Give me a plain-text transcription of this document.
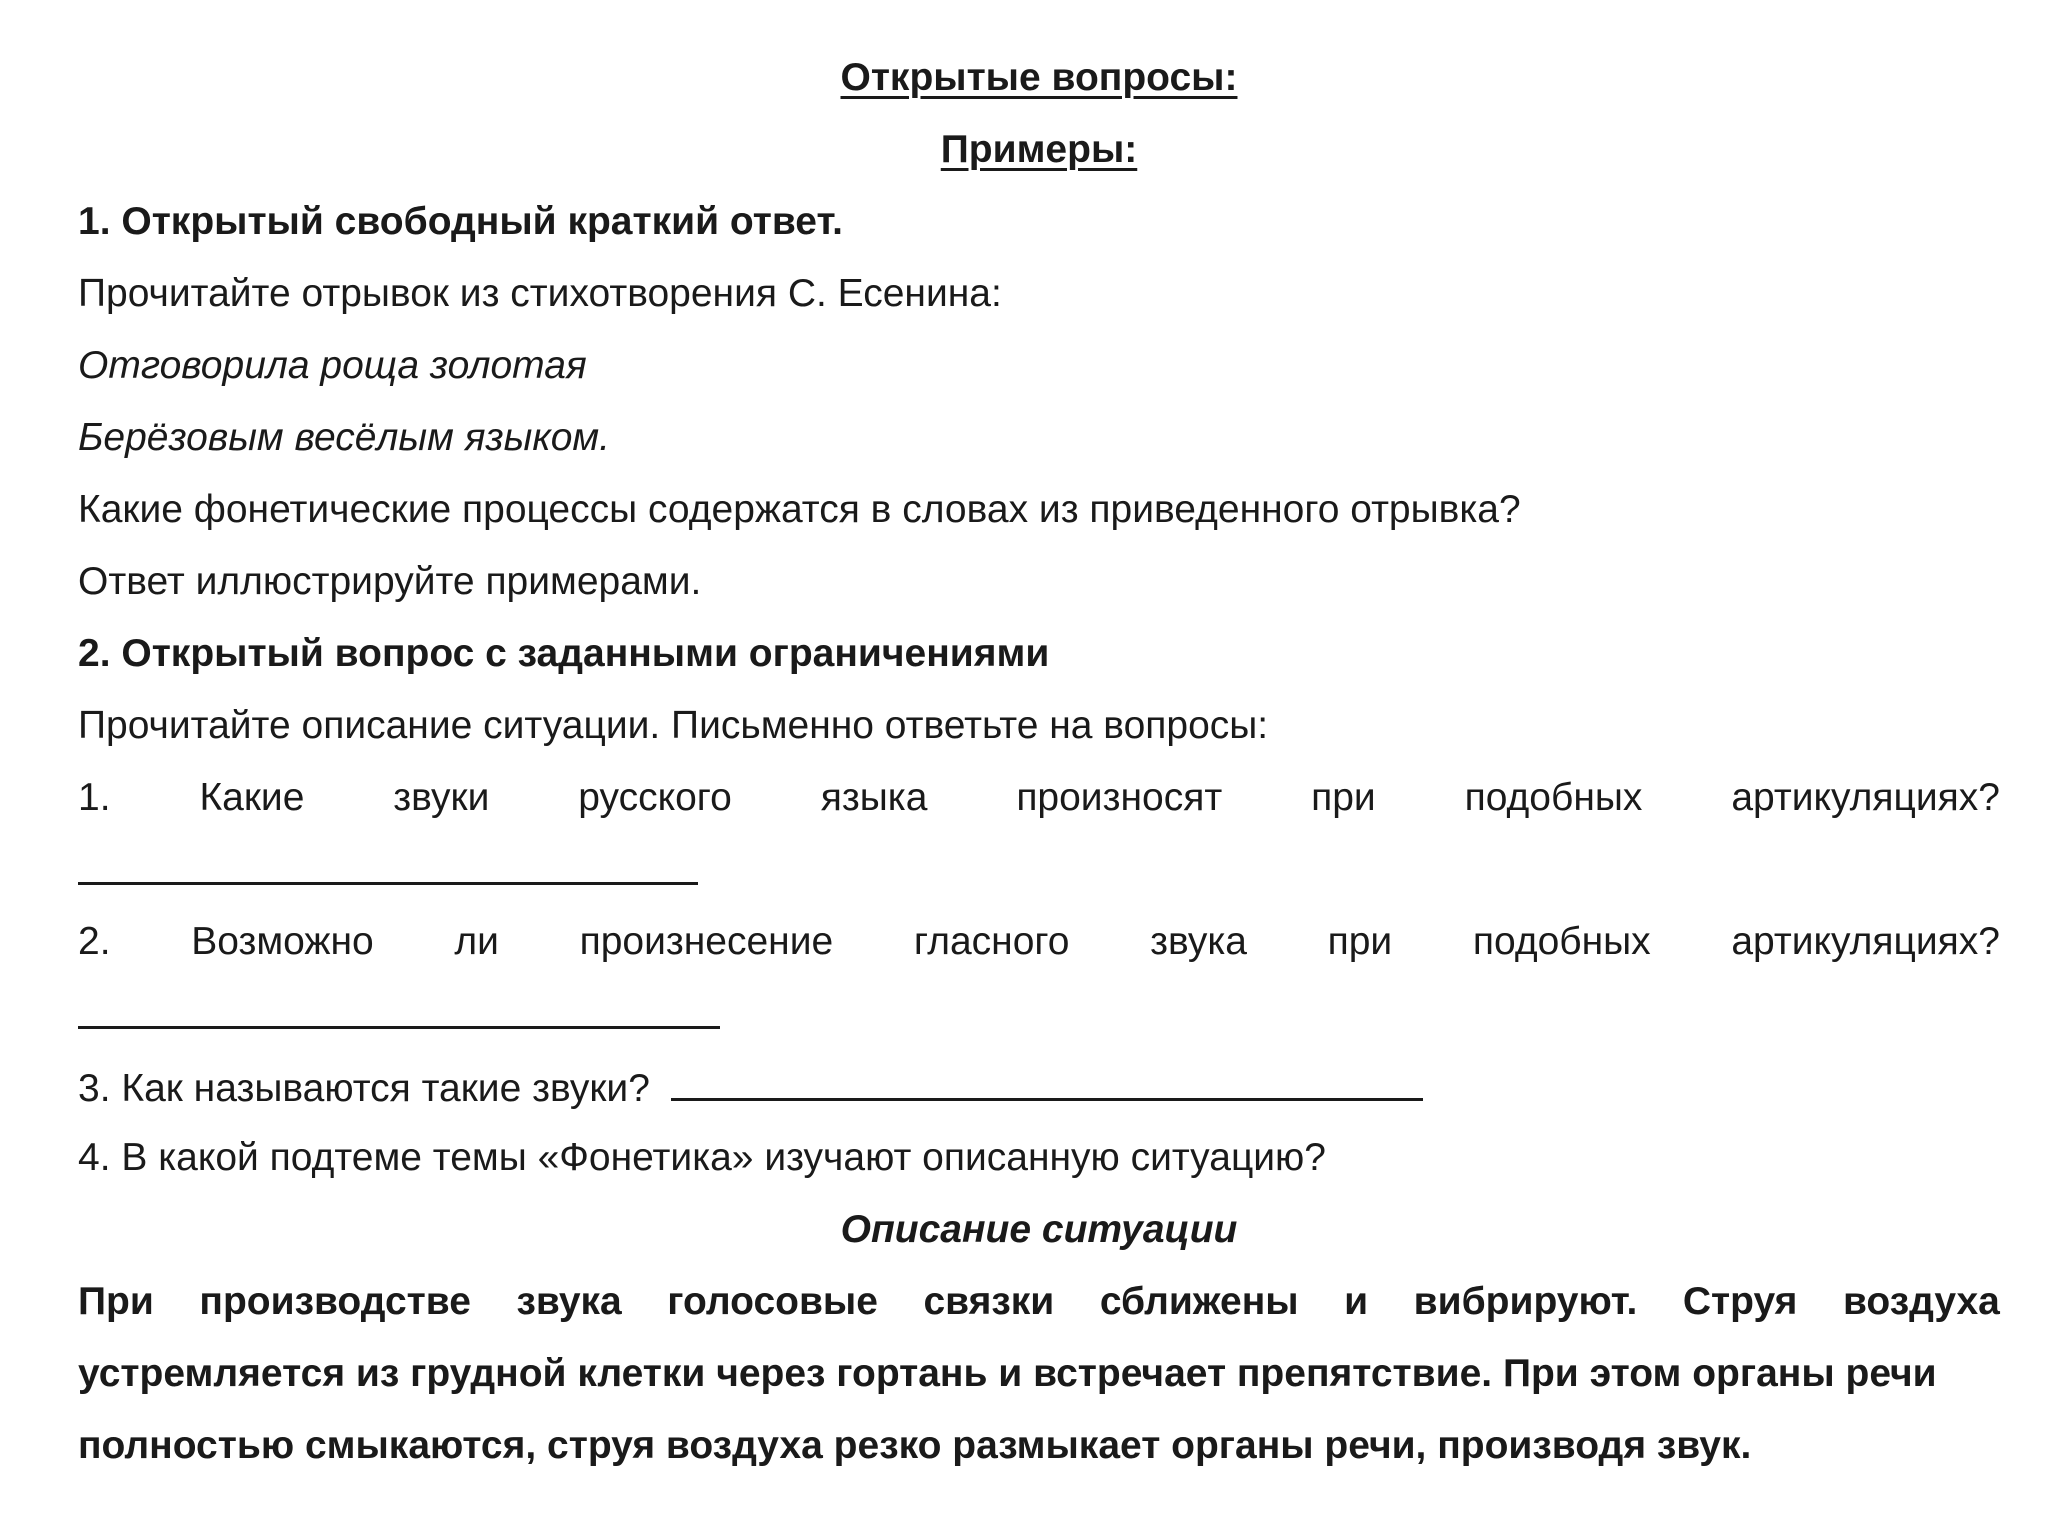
Открытые вопросы:
Примеры:
1. Открытый свободный краткий ответ.
Прочитайте отрывок из стихотворения С. Есенина:
Отговорила роща золотая
Берёзовым весёлым языком.
Какие фонетические процессы содержатся в словах из приведенного отрывка?
Ответ иллюстрируйте примерами.
2. Открытый вопрос с заданными ограничениями
Прочитайте описание ситуации. Письменно ответьте на вопросы:
1. Какие звуки русского языка произносят при подобных артикуляциях?
2. Возможно ли произнесение гласного звука при подобных артикуляциях?
3. Как называются такие звуки?
4. В какой подтеме темы «Фонетика» изучают описанную ситуацию?
Описание ситуации
При производстве звука голосовые связки сближены и вибрируют. Струя воздуха
устремляется из грудной клетки через гортань и встречает препятствие. При этом органы речи
полностью смыкаются, струя воздуха резко размыкает органы речи, производя звук.
